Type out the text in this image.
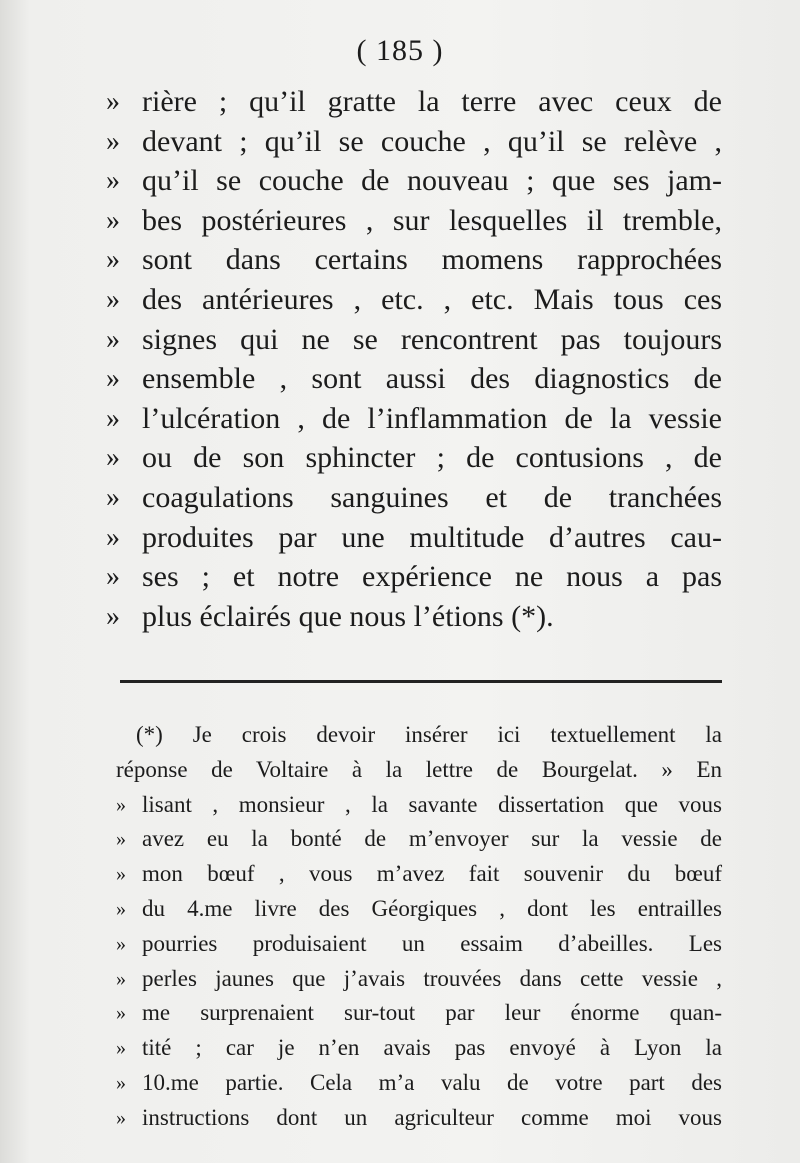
( 185 )
» rière ; qu’il gratte la terre avec ceux de
» devant ; qu’il se couche , qu’il se relève ,
» qu’il se couche de nouveau ; que ses jam-
» bes postérieures , sur lesquelles il tremble,
» sont dans certains momens rapprochées
» des antérieures , etc. , etc. Mais tous ces
» signes qui ne se rencontrent pas toujours
» ensemble , sont aussi des diagnostics de
» l’ulcération , de l’inflammation de la vessie
» ou de son sphincter ; de contusions , de
» coagulations sanguines et de tranchées
» produites par une multitude d’autres cau-
» ses ; et notre expérience ne nous a pas
» plus éclairés que nous l’étions (*).
(*) Je crois devoir insérer ici textuellement la
réponse de Voltaire à la lettre de Bourgelat. » En
» lisant , monsieur , la savante dissertation que vous
» avez eu la bonté de m’envoyer sur la vessie de
» mon bœuf , vous m’avez fait souvenir du bœuf
» du 4.me livre des Géorgiques , dont les entrailles
» pourries produisaient un essaim d’abeilles. Les
» perles jaunes que j’avais trouvées dans cette vessie ,
» me surprenaient sur-tout par leur énorme quan-
» tité ; car je n’en avais pas envoyé à Lyon la
» 10.me partie. Cela m’a valu de votre part des
» instructions dont un agriculteur comme moi vous
